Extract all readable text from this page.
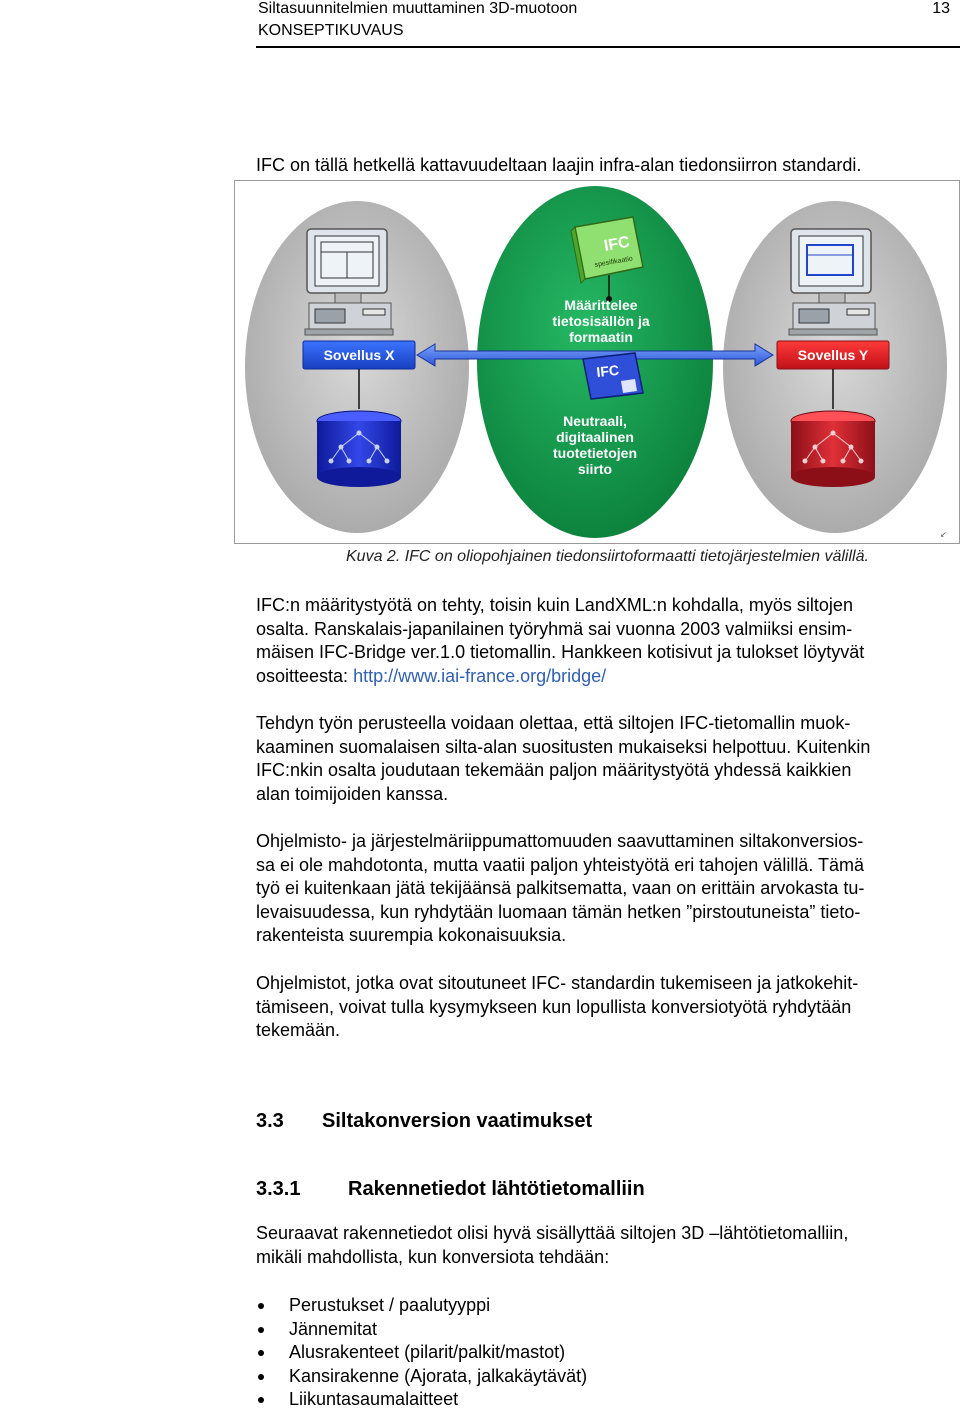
Siltasuunnitelmien muuttaminen 3D-muotoon
KONSEPTIKUVAUS
13

IFC on tällä hetkellä kattavuudeltaan laajin infra-alan tiedonsiirron standardi.

Sovellus X	Sovellus Y
IFC
spesifikaatio
Määrittelee
tietosisällön ja
formaatin
IFC
Neutraali,
digitaalinen
tuotetietojen
siirto
↙
Kuva 2. IFC on oliopohjainen tiedonsiirtoformaatti tietojärjestelmien välillä.
IFC:n määritystyötä on tehty, toisin kuin LandXML:n kohdalla, myös siltojen
osalta. Ranskalais-japanilainen työryhmä sai vuonna 2003 valmiiksi ensim-
mäisen IFC-Bridge ver.1.0 tietomallin. Hankkeen kotisivut ja tulokset löytyvät
osoitteesta: http://www.iai-france.org/bridge/
Tehdyn työn perusteella voidaan olettaa, että siltojen IFC-tietomallin muok-
kaaminen suomalaisen silta-alan suositusten mukaiseksi helpottuu. Kuitenkin
IFC:nkin osalta joudutaan tekemään paljon määritystyötä yhdessä kaikkien
alan toimijoiden kanssa.
Ohjelmisto- ja järjestelmäriippumattomuuden saavuttaminen siltakonversios-
sa ei ole mahdotonta, mutta vaatii paljon yhteistyötä eri tahojen välillä. Tämä
työ ei kuitenkaan jätä tekijäänsä palkitsematta, vaan on erittäin arvokasta tu-
levaisuudessa, kun ryhdytään luomaan tämän hetken ”pirstoutuneista” tieto-
rakenteista suurempia kokonaisuuksia.
Ohjelmistot, jotka ovat sitoutuneet IFC- standardin tukemiseen ja jatkokehit-
tämiseen, voivat tulla kysymykseen kun lopullista konversiotyötä ryhdytään
tekemään.
3.3 Siltakonversion vaatimukset
3.3.1 Rakennetiedot lähtötietomalliin
Seuraavat rakennetiedot olisi hyvä sisällyttää siltojen 3D –lähtötietomalliin,
mikäli mahdollista, kun konversiota tehdään:
Perustukset / paalutyyppi
Jännemitat
Alusrakenteet (pilarit/palkit/mastot)
Kansirakenne (Ajorata, jalkakäytävät)
Liikuntasaumalaitteet
